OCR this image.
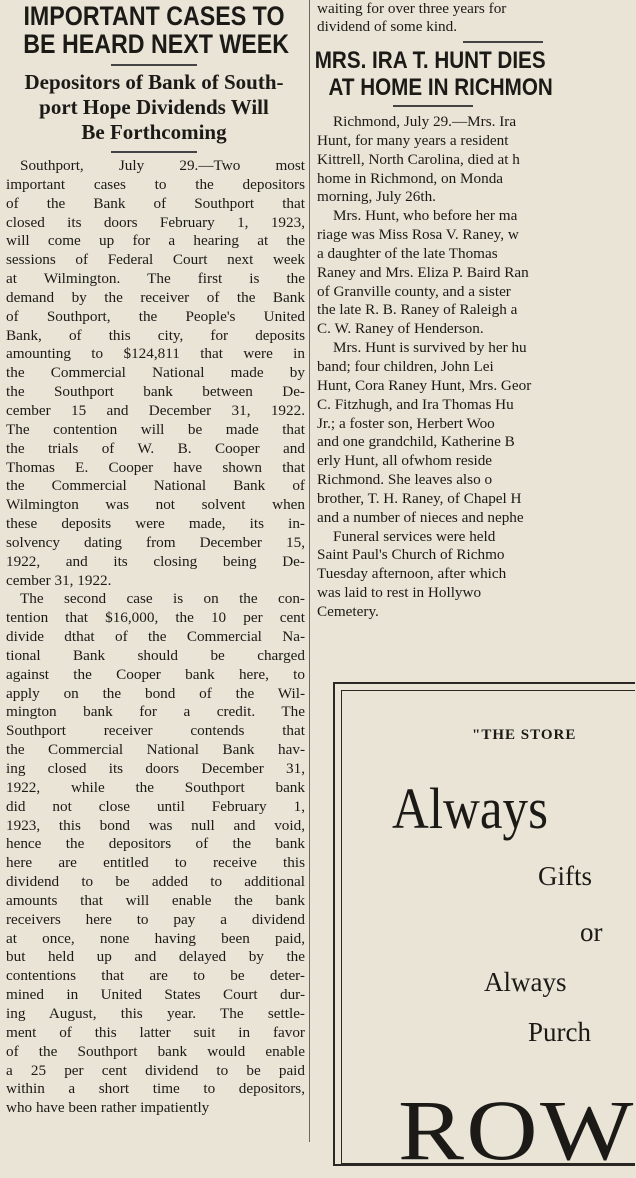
IMPORTANT CASES TO
BE HEARD NEXT WEEK
Depositors of Bank of South-
port Hope Dividends Will
Be Forthcoming
Southport, July 29.—Two most
important cases to the depositors
of the Bank of Southport that
closed its doors February 1, 1923,
will come up for a hearing at the
sessions of Federal Court next week
at Wilmington. The first is the
demand by the receiver of the Bank
of Southport, the People's United
Bank, of this city, for deposits
amounting to $124,811 that were in
the Commercial National made by
the Southport bank between De-
cember 15 and December 31, 1922.
The contention will be made that
the trials of W. B. Cooper and
Thomas E. Cooper have shown that
the Commercial National Bank of
Wilmington was not solvent when
these deposits were made, its in-
solvency dating from December 15,
1922, and its closing being De-
cember 31, 1922.
The second case is on the con-
tention that $16,000, the 10 per cent
divide dthat of the Commercial Na-
tional Bank should be charged
against the Cooper bank here, to
apply on the bond of the Wil-
mington bank for a credit. The
Southport receiver contends that
the Commercial National Bank hav-
ing closed its doors December 31,
1922, while the Southport bank
did not close until February 1,
1923, this bond was null and void,
hence the depositors of the bank
here are entitled to receive this
dividend to be added to additional
amounts that will enable the bank
receivers here to pay a dividend
at once, none having been paid,
but held up and delayed by the
contentions that are to be deter-
mined in United States Court dur-
ing August, this year. The settle-
ment of this latter suit in favor
of the Southport bank would enable
a 25 per cent dividend to be paid
within a short time to depositors,
who have been rather impatiently
waiting for over three years for
dividend of some kind.
MRS. IRA T. HUNT DIES
AT HOME IN RICHMON
Richmond, July 29.—Mrs. Ira
Hunt, for many years a resident
Kittrell, North Carolina, died at h
home in Richmond, on Monda
morning, July 26th.
Mrs. Hunt, who before her ma
riage was Miss Rosa V. Raney, w
a daughter of the late Thomas
Raney and Mrs. Eliza P. Baird Ran
of Granville county, and a sister
the late R. B. Raney of Raleigh a
C. W. Raney of Henderson.
Mrs. Hunt is survived by her hu
band; four children, John Lei
Hunt, Cora Raney Hunt, Mrs. Geor
C. Fitzhugh, and Ira Thomas Hu
Jr.; a foster son, Herbert Woo
and one grandchild, Katherine B
erly Hunt, all ofwhom reside
Richmond. She leaves also o
brother, T. H. Raney, of Chapel H
and a number of nieces and nephe
Funeral services were held
Saint Paul's Church of Richmo
Tuesday afternoon, after which
was laid to rest in Hollywo
Cemetery.
"THE STORE
Always
Gifts
or
Always
Purch
ROW
